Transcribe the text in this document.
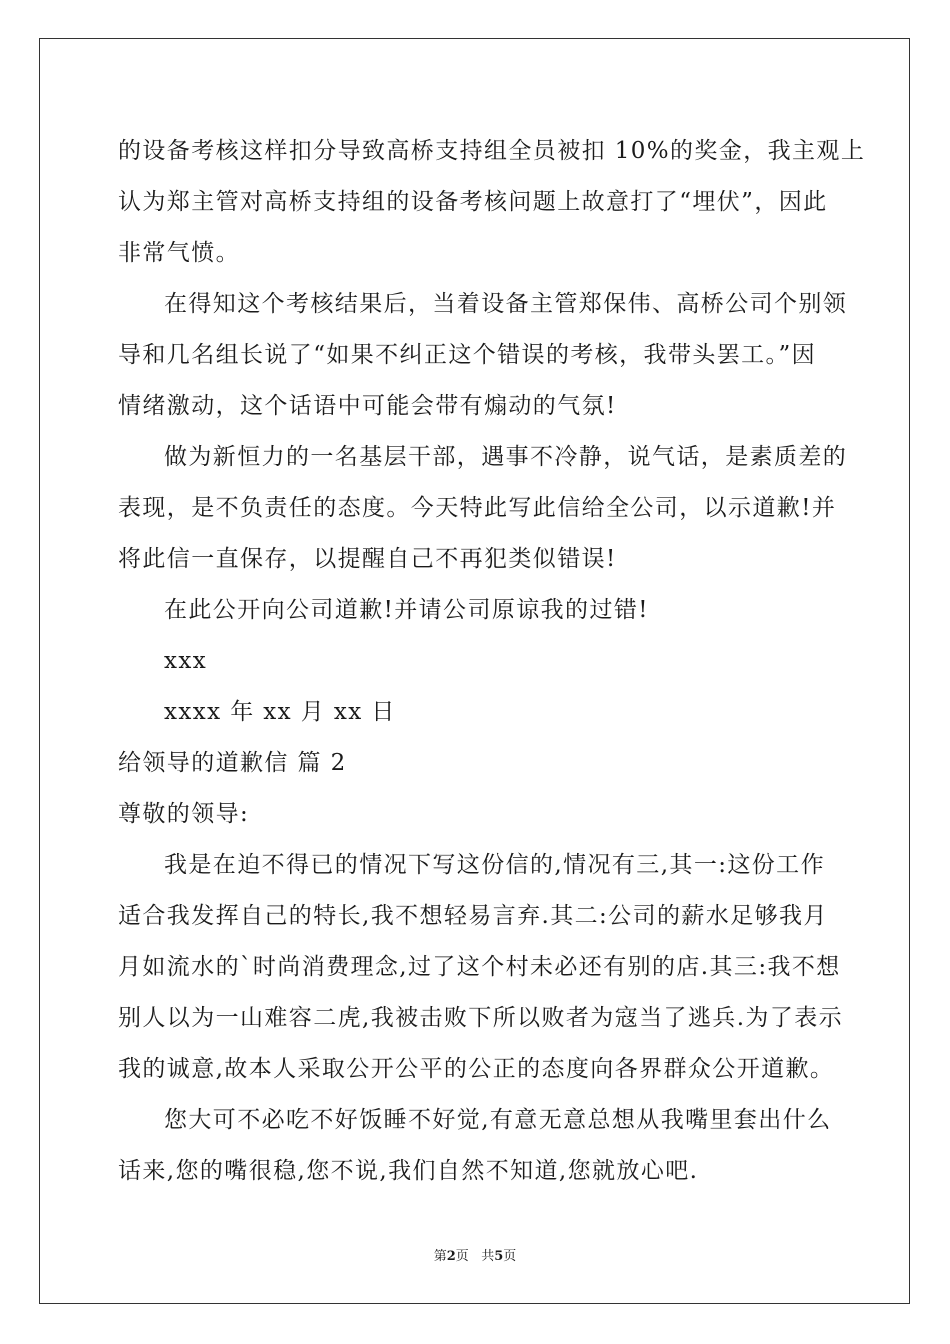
的设备考核这样扣分导致高桥支持组全员被扣 10%的奖金，我主观上
认为郑主管对高桥支持组的设备考核问题上故意打了“埋伏”，因此
非常气愤。
在得知这个考核结果后，当着设备主管郑保伟、高桥公司个别领
导和几名组长说了“如果不纠正这个错误的考核，我带头罢工。”因
情绪激动，这个话语中可能会带有煽动的气氛!
做为新恒力的一名基层干部，遇事不冷静，说气话，是素质差的
表现，是不负责任的态度。今天特此写此信给全公司，以示道歉!并
将此信一直保存，以提醒自己不再犯类似错误!
在此公开向公司道歉!并请公司原谅我的过错!
xxx
xxxx 年 xx 月 xx 日
给领导的道歉信 篇 2
尊敬的领导:
我是在迫不得已的情况下写这份信的,情况有三,其一:这份工作
适合我发挥自己的特长,我不想轻易言弃.其二:公司的薪水足够我月
月如流水的`时尚消费理念,过了这个村未必还有别的店.其三:我不想
别人以为一山难容二虎,我被击败下所以败者为寇当了逃兵.为了表示
我的诚意,故本人采取公开公平的公正的态度向各界群众公开道歉。
您大可不必吃不好饭睡不好觉,有意无意总想从我嘴里套出什么
话来,您的嘴很稳,您不说,我们自然不知道,您就放心吧.
第2页 共5页
